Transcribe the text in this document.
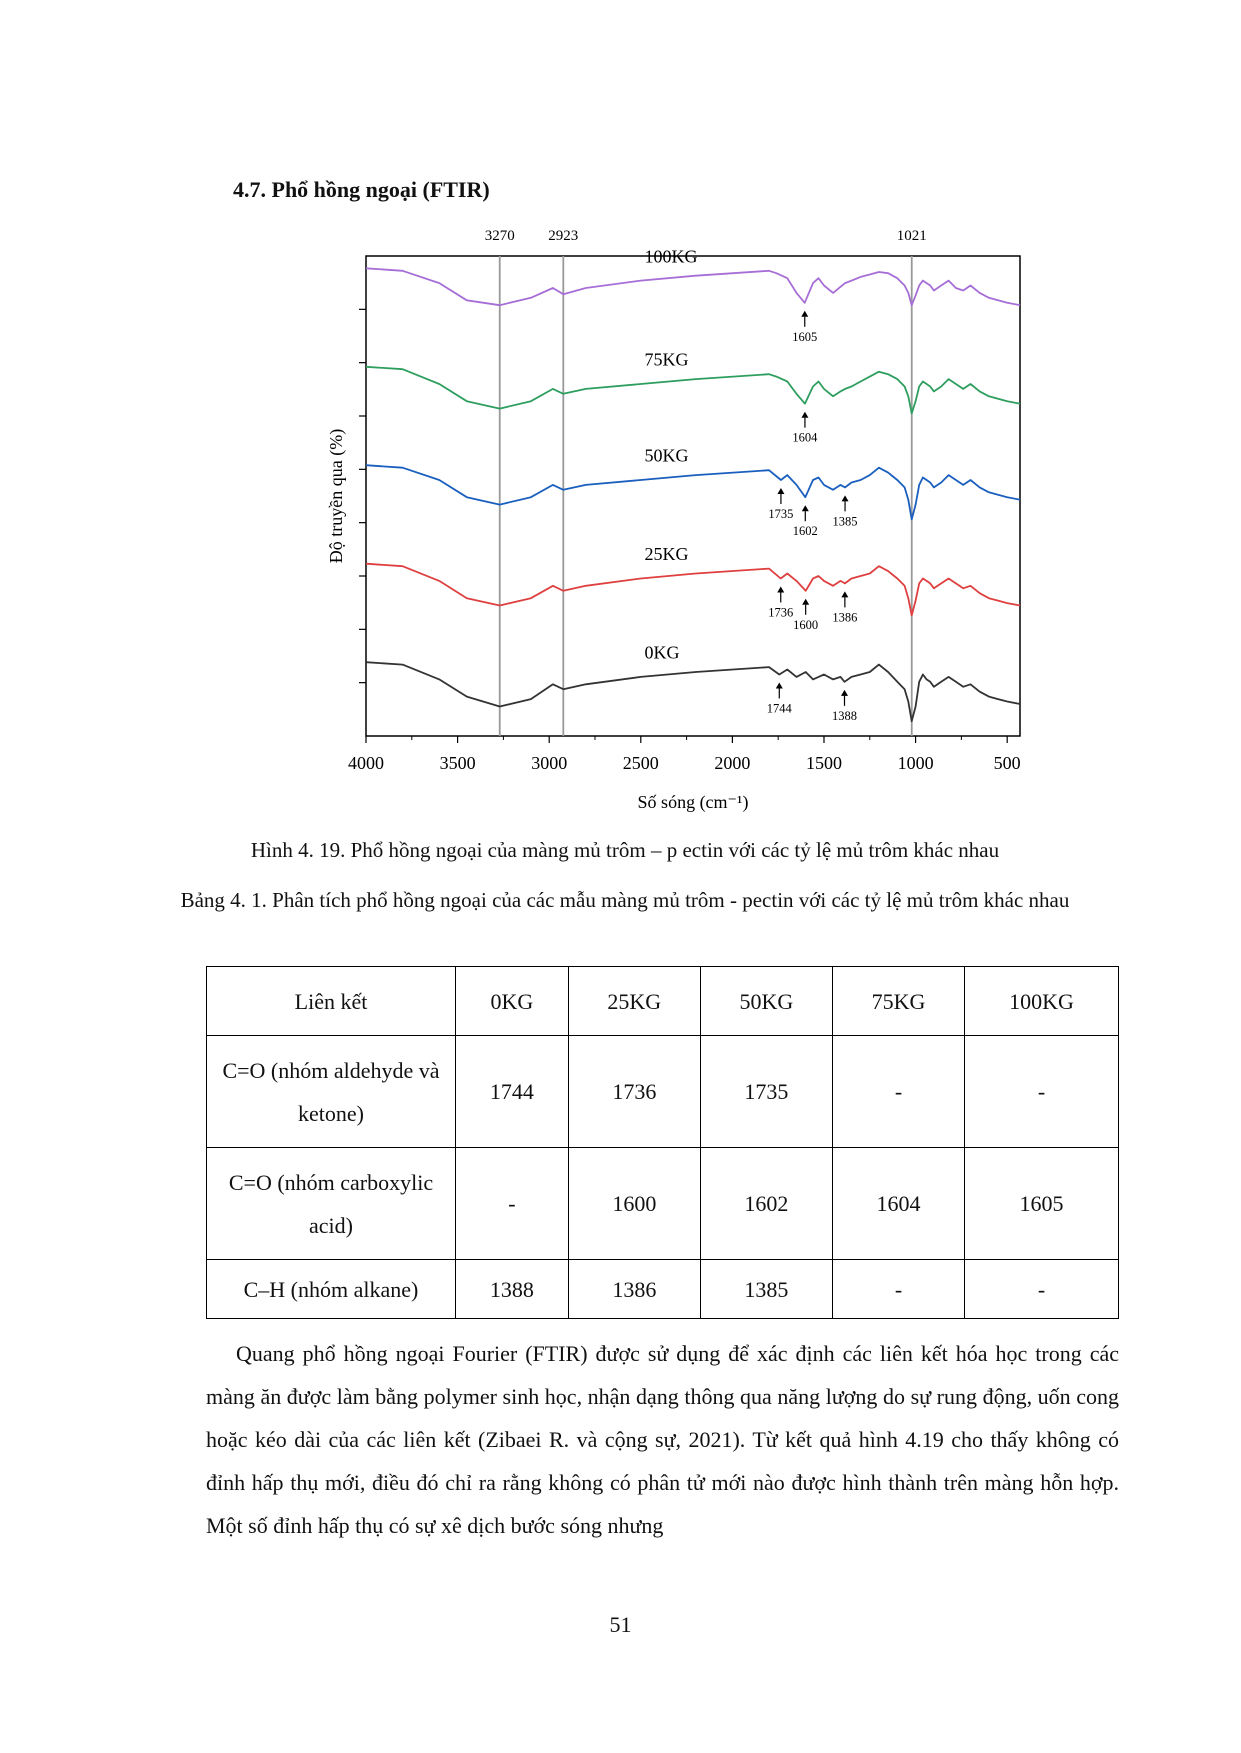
4.7. Phổ hồng ngoại (FTIR)
4000	3500	3000	2500	2000	1500	1000	500
Số sóng (cm⁻¹)
Độ truyền qua (%)
3270 2923	1021
100KG
75KG
50KG
25KG
0KG
1605
1604
1735
1602
1385
1736
1600
1386
1744
1388
Hình 4. 19. Phổ hồng ngoại của màng mủ trôm – p ectin với các tỷ lệ mủ trôm khác nhau
Bảng 4. 1. Phân tích phổ hồng ngoại của các mẫu màng mủ trôm - pectin với các tỷ lệ mủ trôm khác nhau
Liên kết	0KG	25KG	50KG	75KG	100KG
C=O (nhóm aldehyde và ketone)	1744	1736	1735	-	-
C=O (nhóm carboxylic acid)	-	1600	1602	1604	1605
C–H (nhóm alkane)	1388	1386	1385	-	-

Quang phổ hồng ngoại Fourier (FTIR) được sử dụng để xác định các liên kết hóa học trong các màng ăn được làm bằng polymer sinh học, nhận dạng thông qua năng lượng do sự rung động, uốn cong hoặc kéo dài của các liên kết (Zibaei R. và cộng sự, 2021). Từ kết quả hình 4.19 cho thấy không có đỉnh hấp thụ mới, điều đó chỉ ra rằng không có phân tử mới nào được hình thành trên màng hỗn hợp. Một số đỉnh hấp thụ có sự xê dịch bước sóng nhưng

51
